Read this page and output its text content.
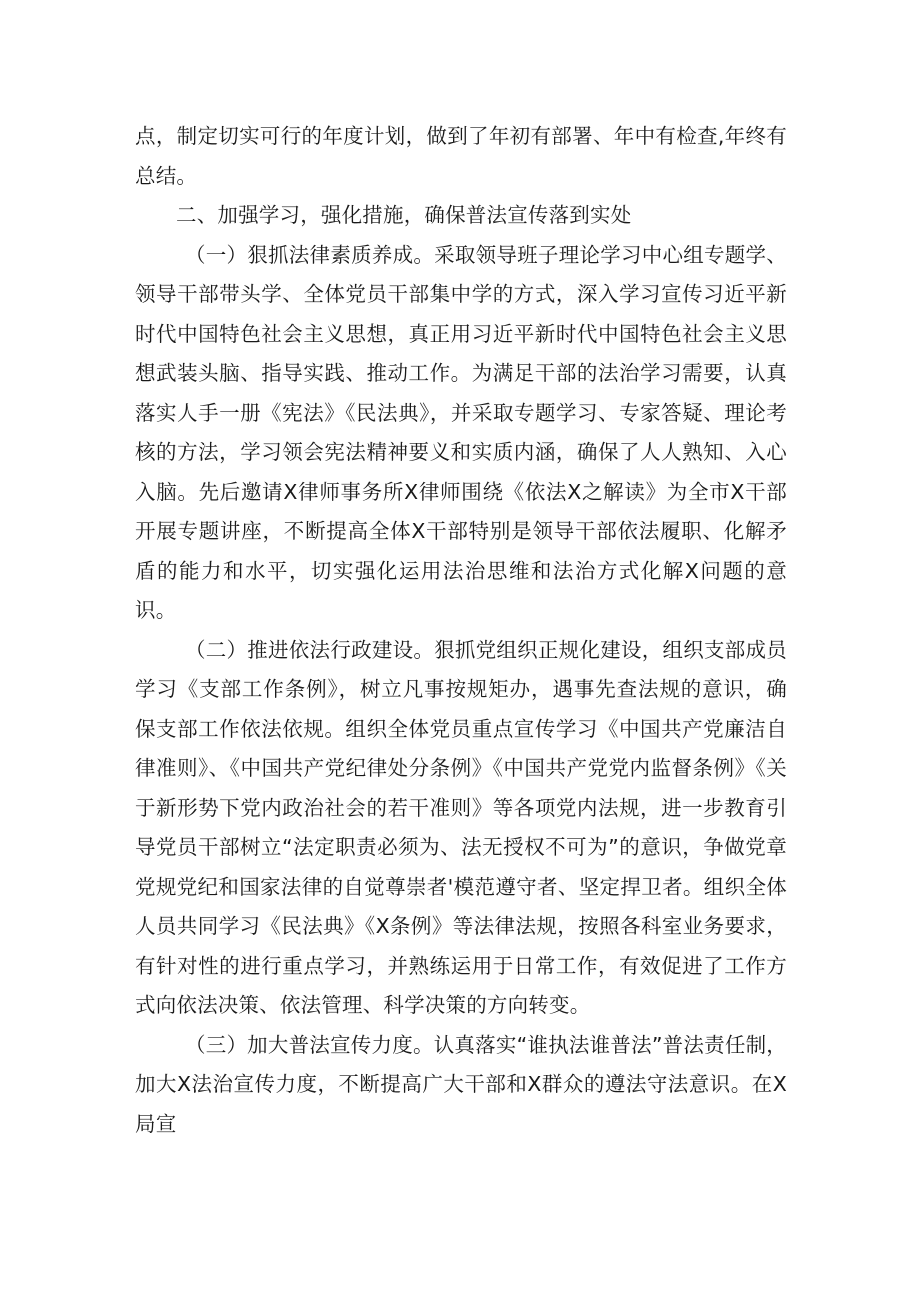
点，制定切实可行的年度计划，做到了年初有部署、年中有检查,年终有总结。

二、加强学习，强化措施，确保普法宣传落到实处

（一）狠抓法律素质养成。采取领导班子理论学习中心组专题学、领导干部带头学、全体党员干部集中学的方式，深入学习宣传习近平新时代中国特色社会主义思想，真正用习近平新时代中国特色社会主义思想武装头脑、指导实践、推动工作。为满足干部的法治学习需要，认真落实人手一册《宪法》《民法典》，并采取专题学习、专家答疑、理论考核的方法，学习领会宪法精神要义和实质内涵，确保了人人熟知、入心入脑。先后邀请X律师事务所X律师围绕《依法X之解读》为全市X干部开展专题讲座，不断提高全体X干部特别是领导干部依法履职、化解矛盾的能力和水平，切实强化运用法治思维和法治方式化解X问题的意识。

（二）推进依法行政建设。狠抓党组织正规化建设，组织支部成员学习《支部工作条例》，树立凡事按规矩办，遇事先查法规的意识，确保支部工作依法依规。组织全体党员重点宣传学习《中国共产党廉洁自律准则》、《中国共产党纪律处分条例》《中国共产党党内监督条例》《关于新形势下党内政治社会的若干准则》等各项党内法规，进一步教育引导党员干部树立“法定职责必须为、法无授权不可为”的意识，争做党章党规党纪和国家法律的自觉尊崇者'模范遵守者、坚定捍卫者。组织全体人员共同学习《民法典》《X条例》等法律法规，按照各科室业务要求，有针对性的进行重点学习，并熟练运用于日常工作，有效促进了工作方式向依法决策、依法管理、科学决策的方向转变。

（三）加大普法宣传力度。认真落实“谁执法谁普法”普法责任制，加大X法治宣传力度，不断提高广大干部和X群众的遵法守法意识。在X局宣
